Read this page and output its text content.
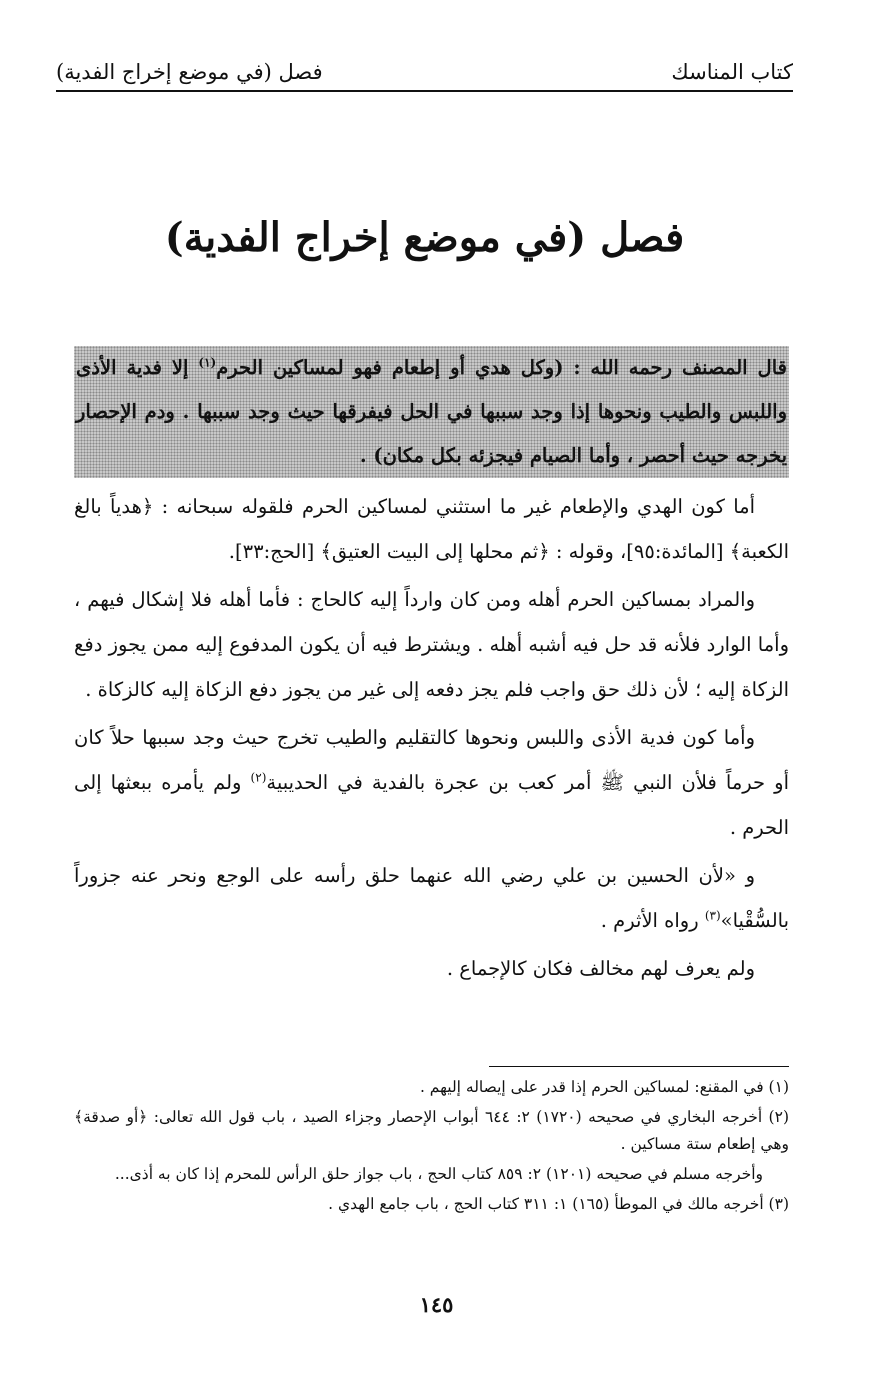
كتاب المناسك
فصل (في موضع إخراج الفدية)
فصل (في موضع إخراج الفدية)
قال المصنف رحمه الله : (وكل هدي أو إطعام فهو لمساكين الحرم$^{(١)}$ إلا فدية الأذى واللبس والطيب ونحوها إذا وجد سببها في الحل فيفرقها حيث وجد سببها . ودم الإحصار يخرجه حيث أحصر ، وأما الصيام فيجزئه بكل مكان) .

أما كون الهدي والإطعام غير ما استثني لمساكين الحرم فلقوله سبحانه : ﴿هدياً بالغ الكعبة﴾ [المائدة:٩٥]، وقوله : ﴿ثم محلها إلى البيت العتيق﴾ [الحج:٣٣].

والمراد بمساكين الحرم أهله ومن كان وارداً إليه كالحاج : فأما أهله فلا إشكال فيهم ، وأما الوارد فلأنه قد حل فيه أشبه أهله . ويشترط فيه أن يكون المدفوع إليه ممن يجوز دفع الزكاة إليه ؛ لأن ذلك حق واجب فلم يجز دفعه إلى غير من يجوز دفع الزكاة إليه كالزكاة .

وأما كون فدية الأذى واللبس ونحوها كالتقليم والطيب تخرج حيث وجد سببها حلاً كان أو حرماً فلأن النبي ﷺ أمر كعب بن عجرة بالفدية في الحديبية$^{(٢)}$ ولم يأمره ببعثها إلى الحرم .

و «لأن الحسين بن علي رضي الله عنهما حلق رأسه على الوجع ونحر عنه جزوراً بالسُّقْيا»$^{(٣)}$ رواه الأثرم .

ولم يعرف لهم مخالف فكان كالإجماع .

(١) في المقنع: لمساكين الحرم إذا قدر على إيصاله إليهم .

(٢) أخرجه البخاري في صحيحه (١٧٢٠) ٢: ٦٤٤ أبواب الإحصار وجزاء الصيد ، باب قول الله تعالى: ﴿أو صدقة﴾ وهي إطعام ستة مساكين .

وأخرجه مسلم في صحيحه (١٢٠١) ٢: ٨٥٩ كتاب الحج ، باب جواز حلق الرأس للمحرم إذا كان به أذى...

(٣) أخرجه مالك في الموطأ (١٦٥) ١: ٣١١ كتاب الحج ، باب جامع الهدي .

١٤٥
